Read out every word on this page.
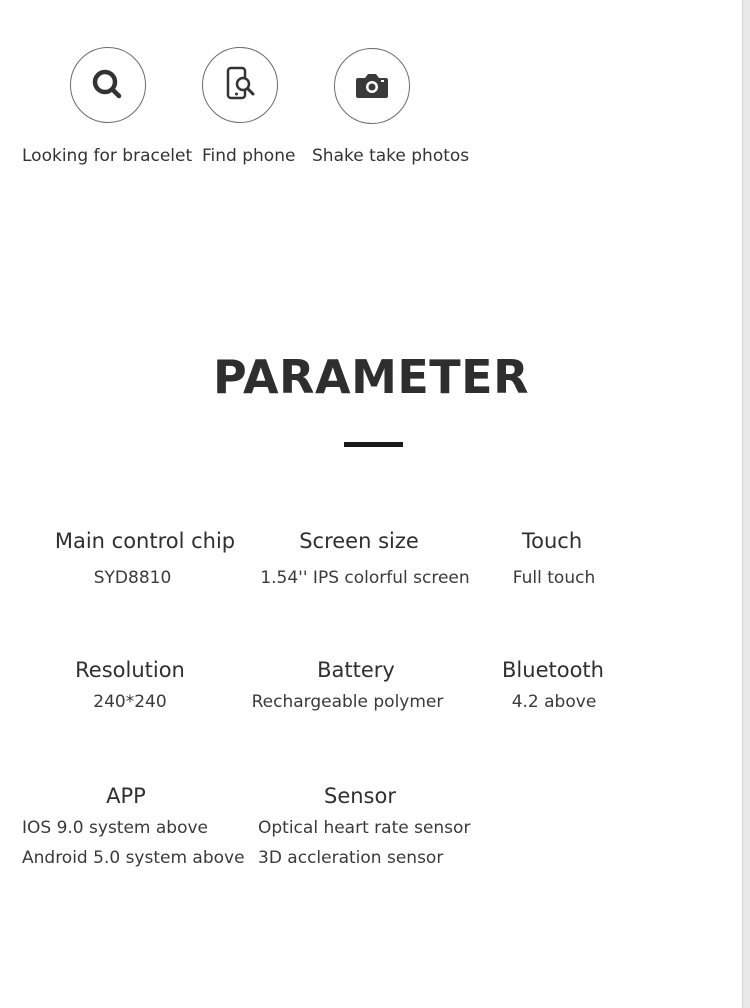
Looking for bracelet Find phone Shake take photos
PARAMETER
Main control chip
SYD8810
Screen size
1.54'' IPS colorful screen
Touch
Full touch
Resolution
240*240
Battery
Rechargeable polymer
Bluetooth
4.2 above
APP
IOS 9.0 system above
Android 5.0 system above
Sensor
Optical heart rate sensor
3D accleration sensor
